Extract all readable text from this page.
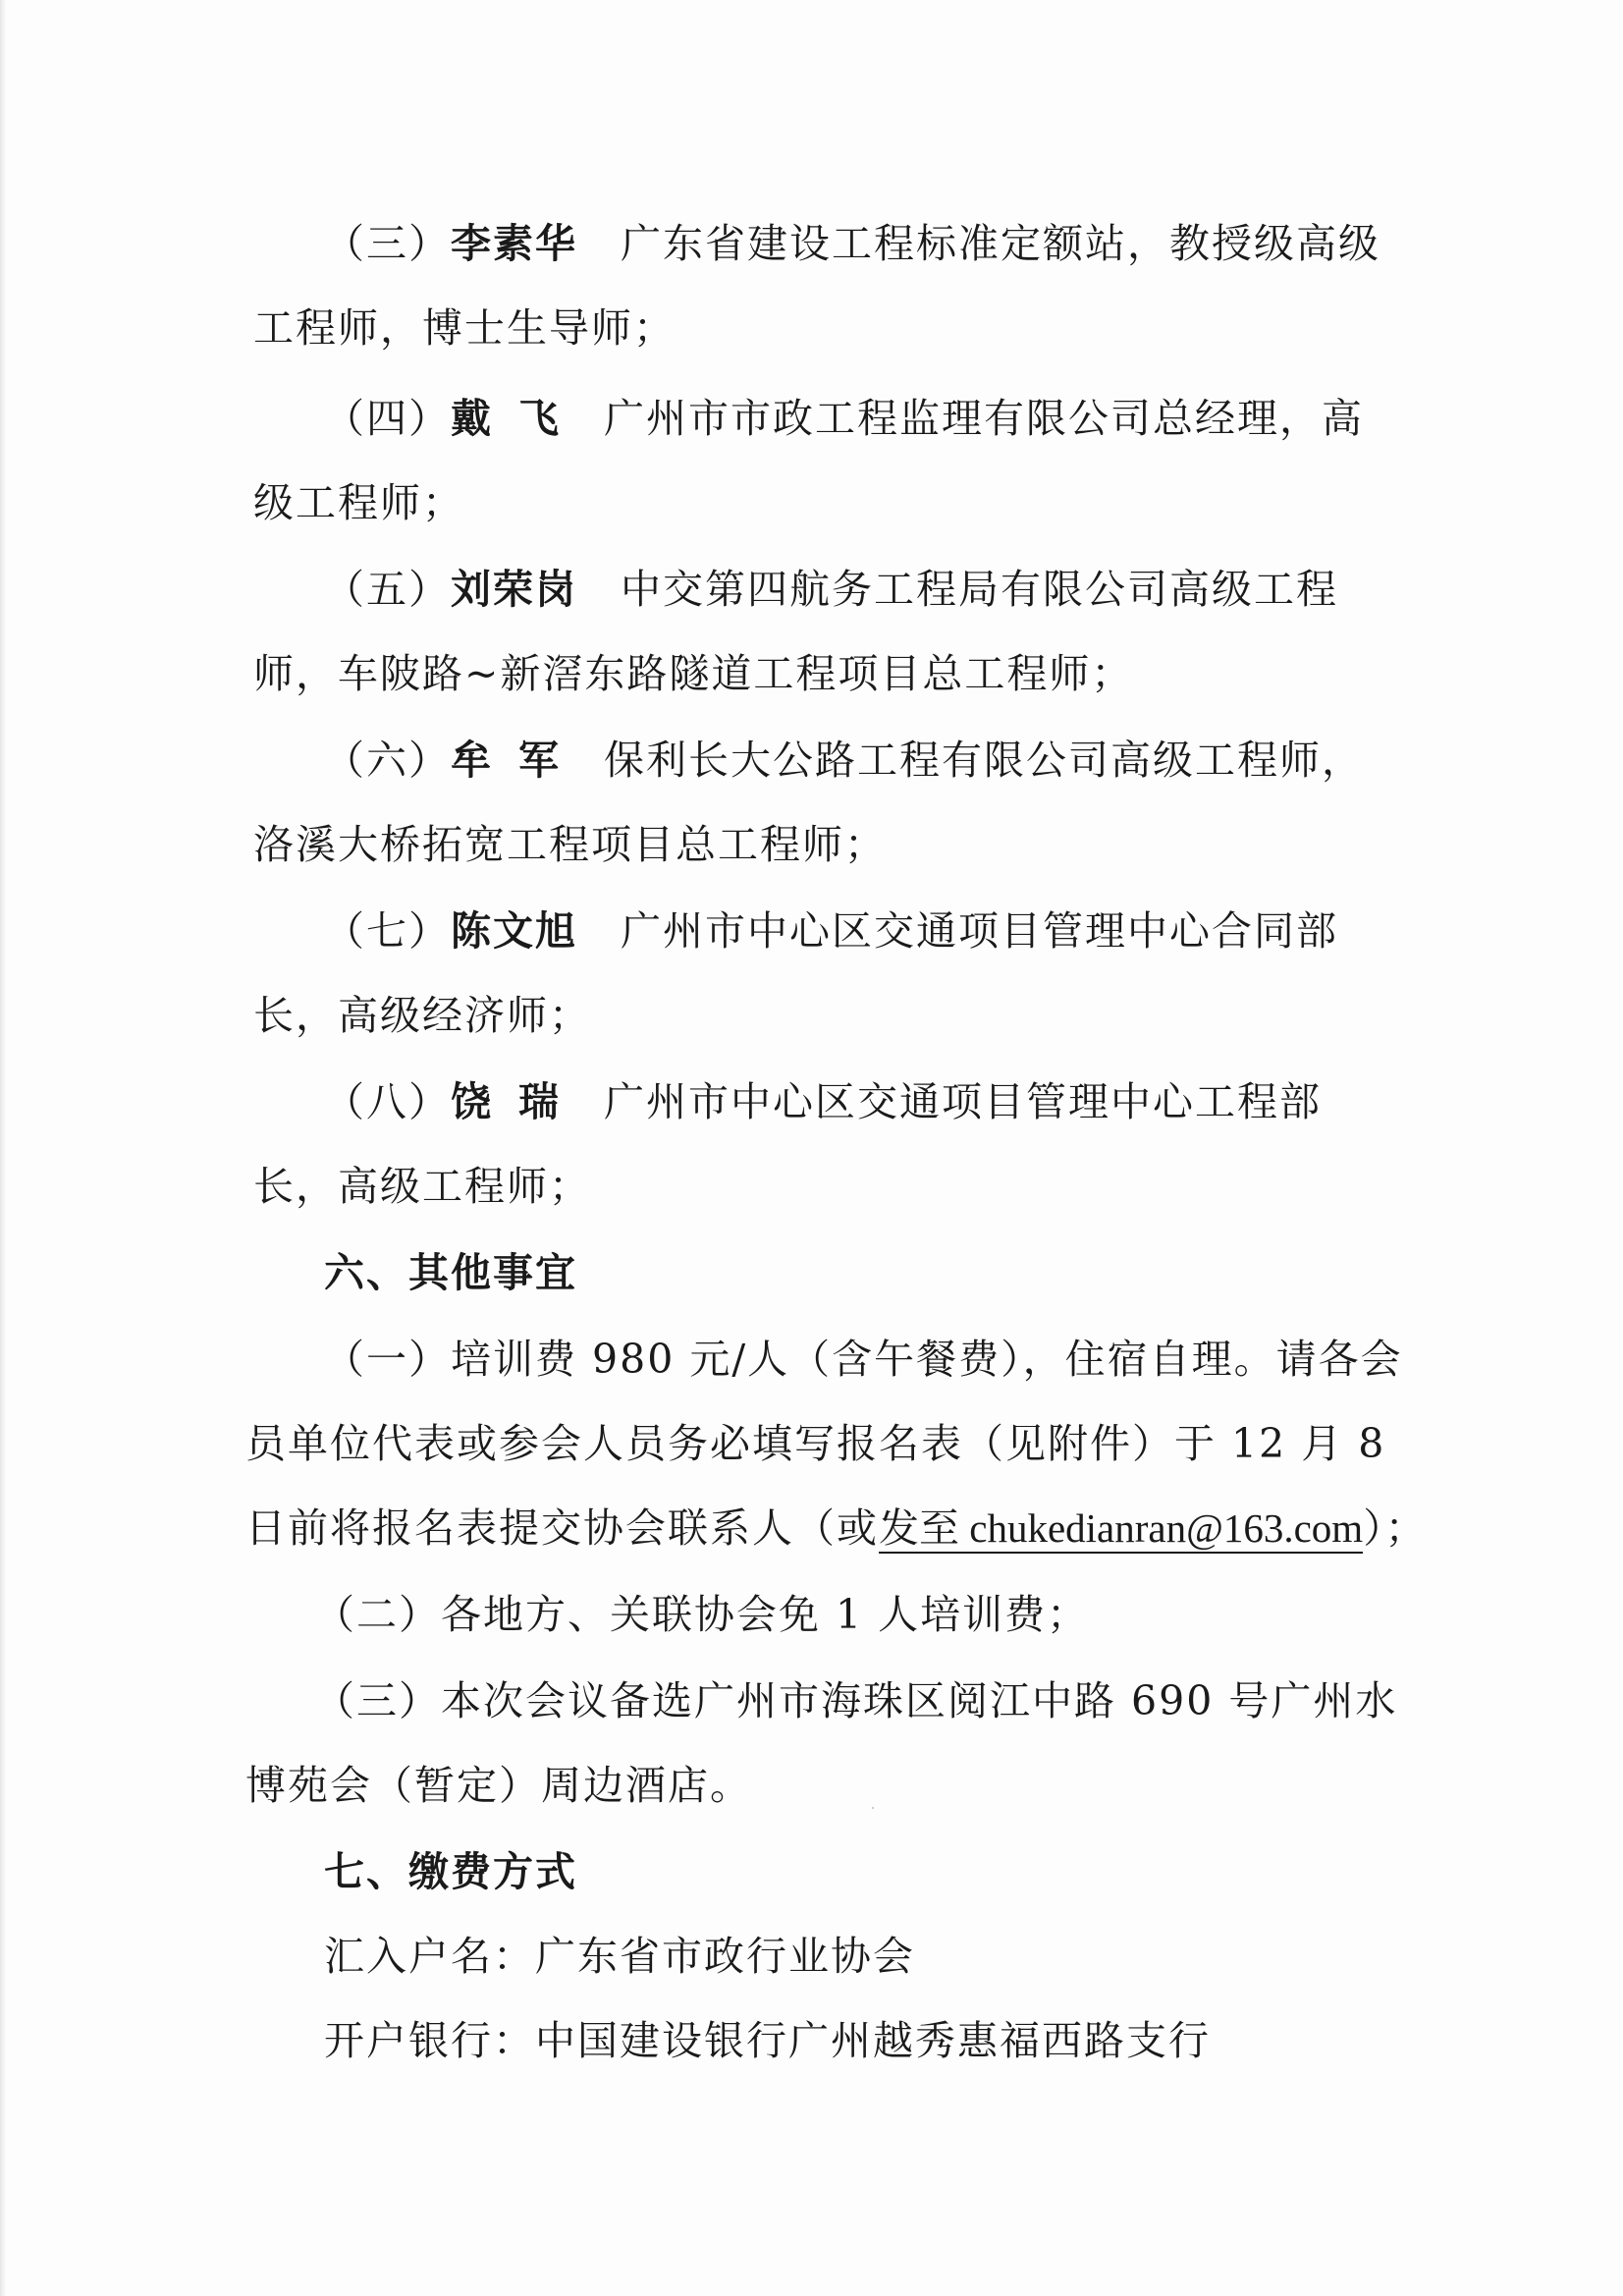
（三）李素华 广东省建设工程标准定额站，教授级高级
工程师，博士生导师；
（四）戴 飞 广州市市政工程监理有限公司总经理，高
级工程师；
（五）刘荣岗 中交第四航务工程局有限公司高级工程
师，车陂路~新滘东路隧道工程项目总工程师；
（六）牟 军 保利长大公路工程有限公司高级工程师，
洛溪大桥拓宽工程项目总工程师；
（七）陈文旭 广州市中心区交通项目管理中心合同部
长，高级经济师；
（八）饶 瑞 广州市中心区交通项目管理中心工程部
长，高级工程师；
六、其他事宜
（一）培训费 980 元/人（含午餐费），住宿自理。请各会
员单位代表或参会人员务必填写报名表（见附件）于 12 月 8
日前将报名表提交协会联系人（或发至 chukedianran@163.com）；
（二）各地方、关联协会免 1 人培训费；
（三）本次会议备选广州市海珠区阅江中路 690 号广州水
博苑会（暂定）周边酒店。
七、缴费方式
汇入户名：广东省市政行业协会
开户银行：中国建设银行广州越秀惠福西路支行
